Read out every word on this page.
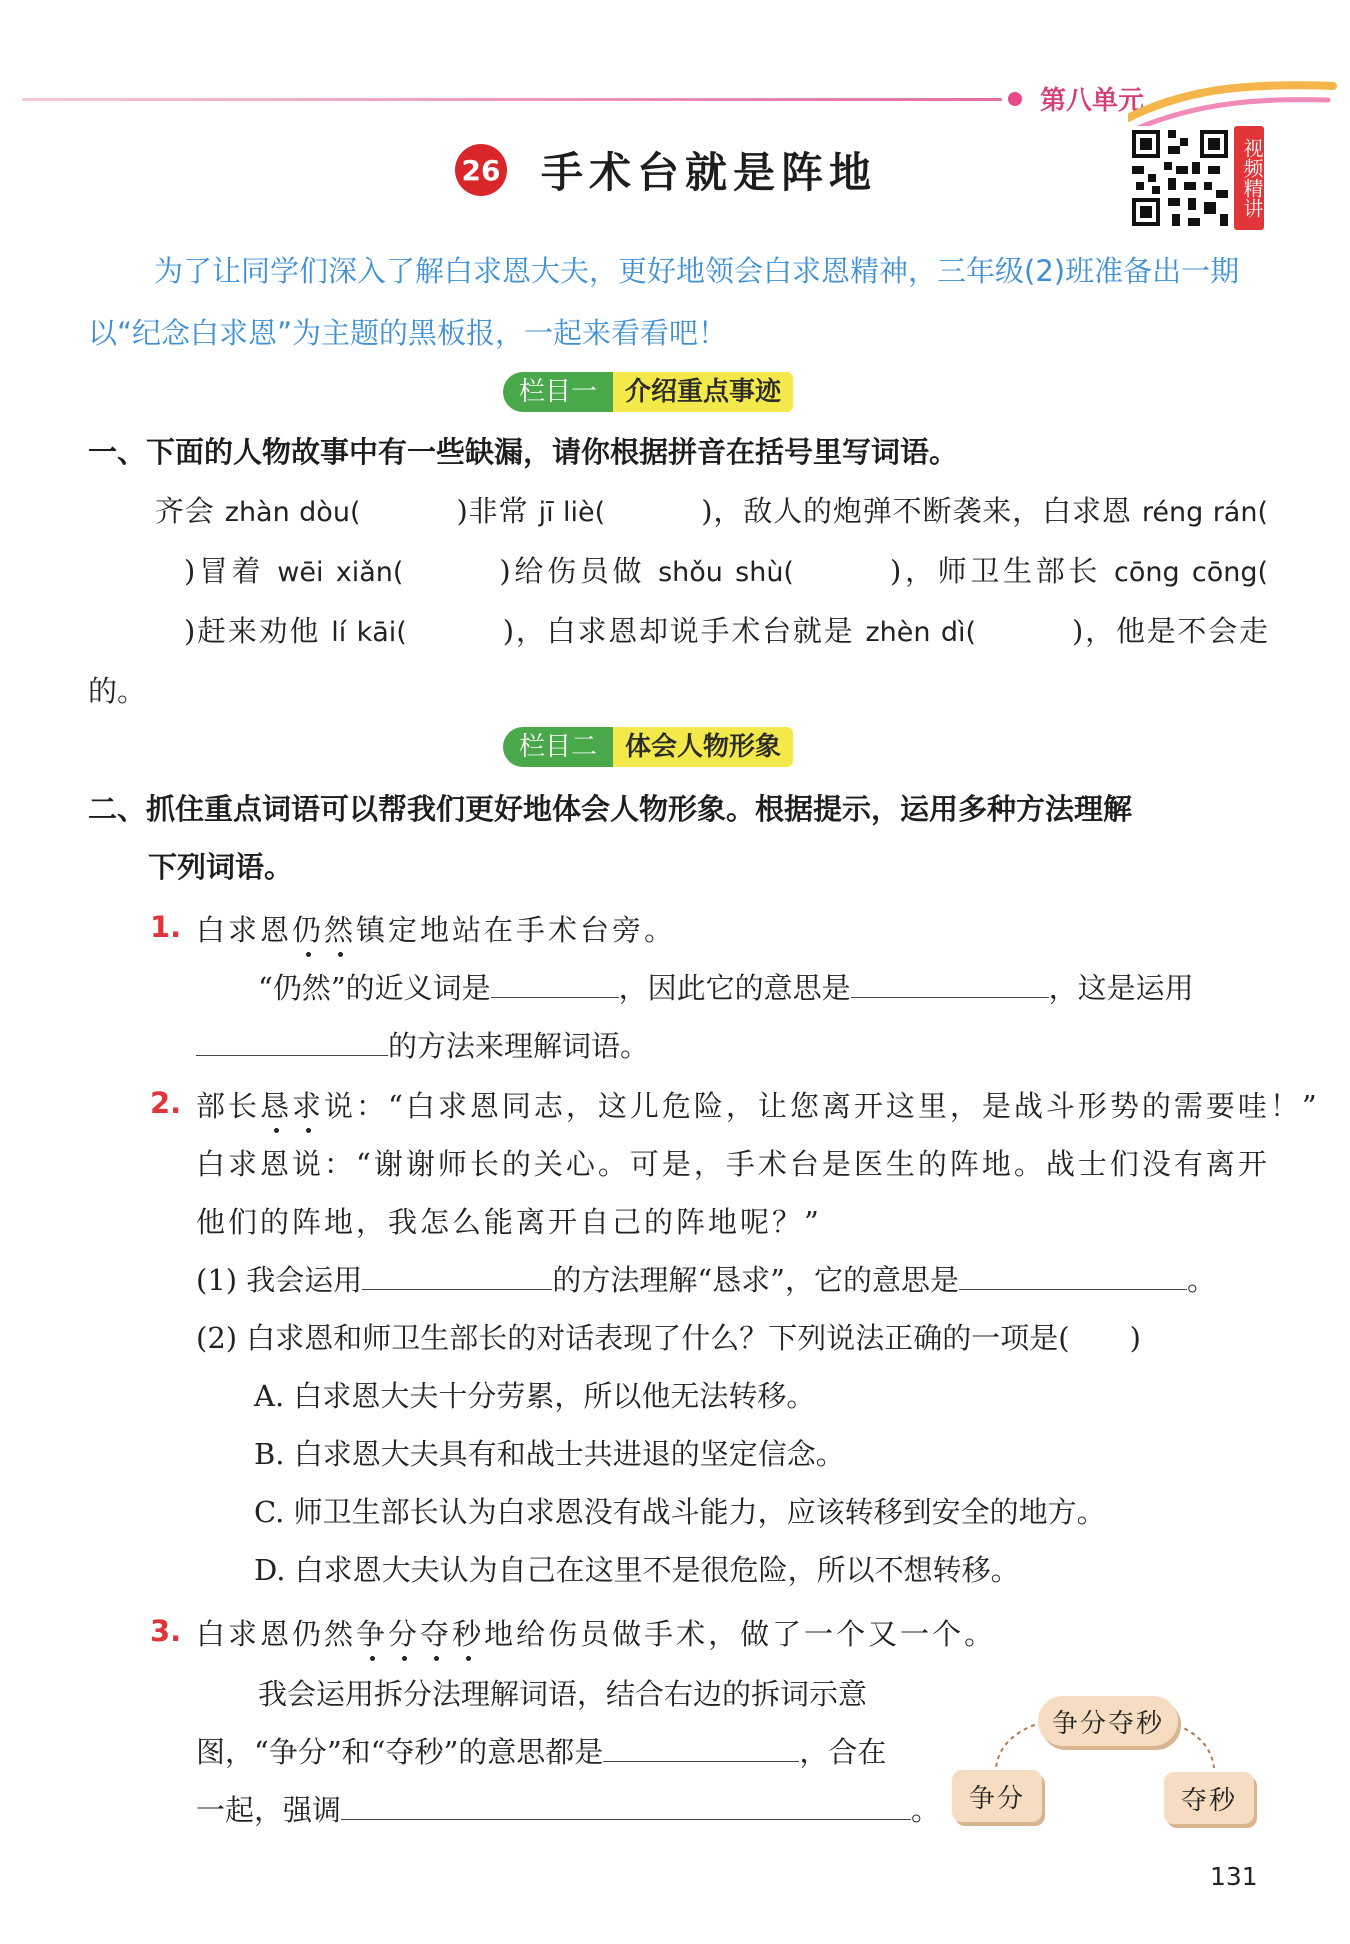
第八单元
26 手术台就是阵地	视频精讲
为了让同学们深入了解白求恩大夫，更好地领会白求恩精神，三年级(2)班准备出一期以“纪念白求恩”为主题的黑板报，一起来看看吧！
栏目一	介绍重点事迹
一、下面的人物故事中有一些缺漏，请你根据拼音在括号里写词语。
齐会 zhàn dòu(	)非常 jī liè(	)，敌人的炮弹不断袭来，白求恩 réng rán()冒着 wēi xiǎn(	)给伤员做 shǒu shù(	)，师卫生部长 cōng cōng()赶来劝他 lí kāi(	)，白求恩却说手术台就是 zhèn dì(	)，他是不会走的。
栏目二	体会人物形象
二、抓住重点词语可以帮我们更好地体会人物形象。根据提示，运用多种方法理解
下列词语。
1. 白求恩仍然镇定地站在手术台旁。
“仍然”的近义词是	，因此它的意思是	，这是运用
的方法来理解词语。
2. 部长恳求说：“白求恩同志，这儿危险，让您离开这里，是战斗形势的需要哇！”
白求恩说：“谢谢师长的关心。可是，手术台是医生的阵地。战士们没有离开
他们的阵地，我怎么能离开自己的阵地呢？”
(1) 我会运用	的方法理解“恳求”，它的意思是	。
(2) 白求恩和师卫生部长的对话表现了什么？下列说法正确的一项是( )
A. 白求恩大夫十分劳累，所以他无法转移。
B. 白求恩大夫具有和战士共进退的坚定信念。
C. 师卫生部长认为白求恩没有战斗能力，应该转移到安全的地方。
D. 白求恩大夫认为自己在这里不是很危险，所以不想转移。
3. 白求恩仍然争分夺秒地给伤员做手术，做了一个又一个。
我会运用拆分法理解词语，结合右边的拆词示意
图，“争分”和“夺秒”的意思都是	，合在
一起，强调	。
争分夺秒
争分	夺秒
131
